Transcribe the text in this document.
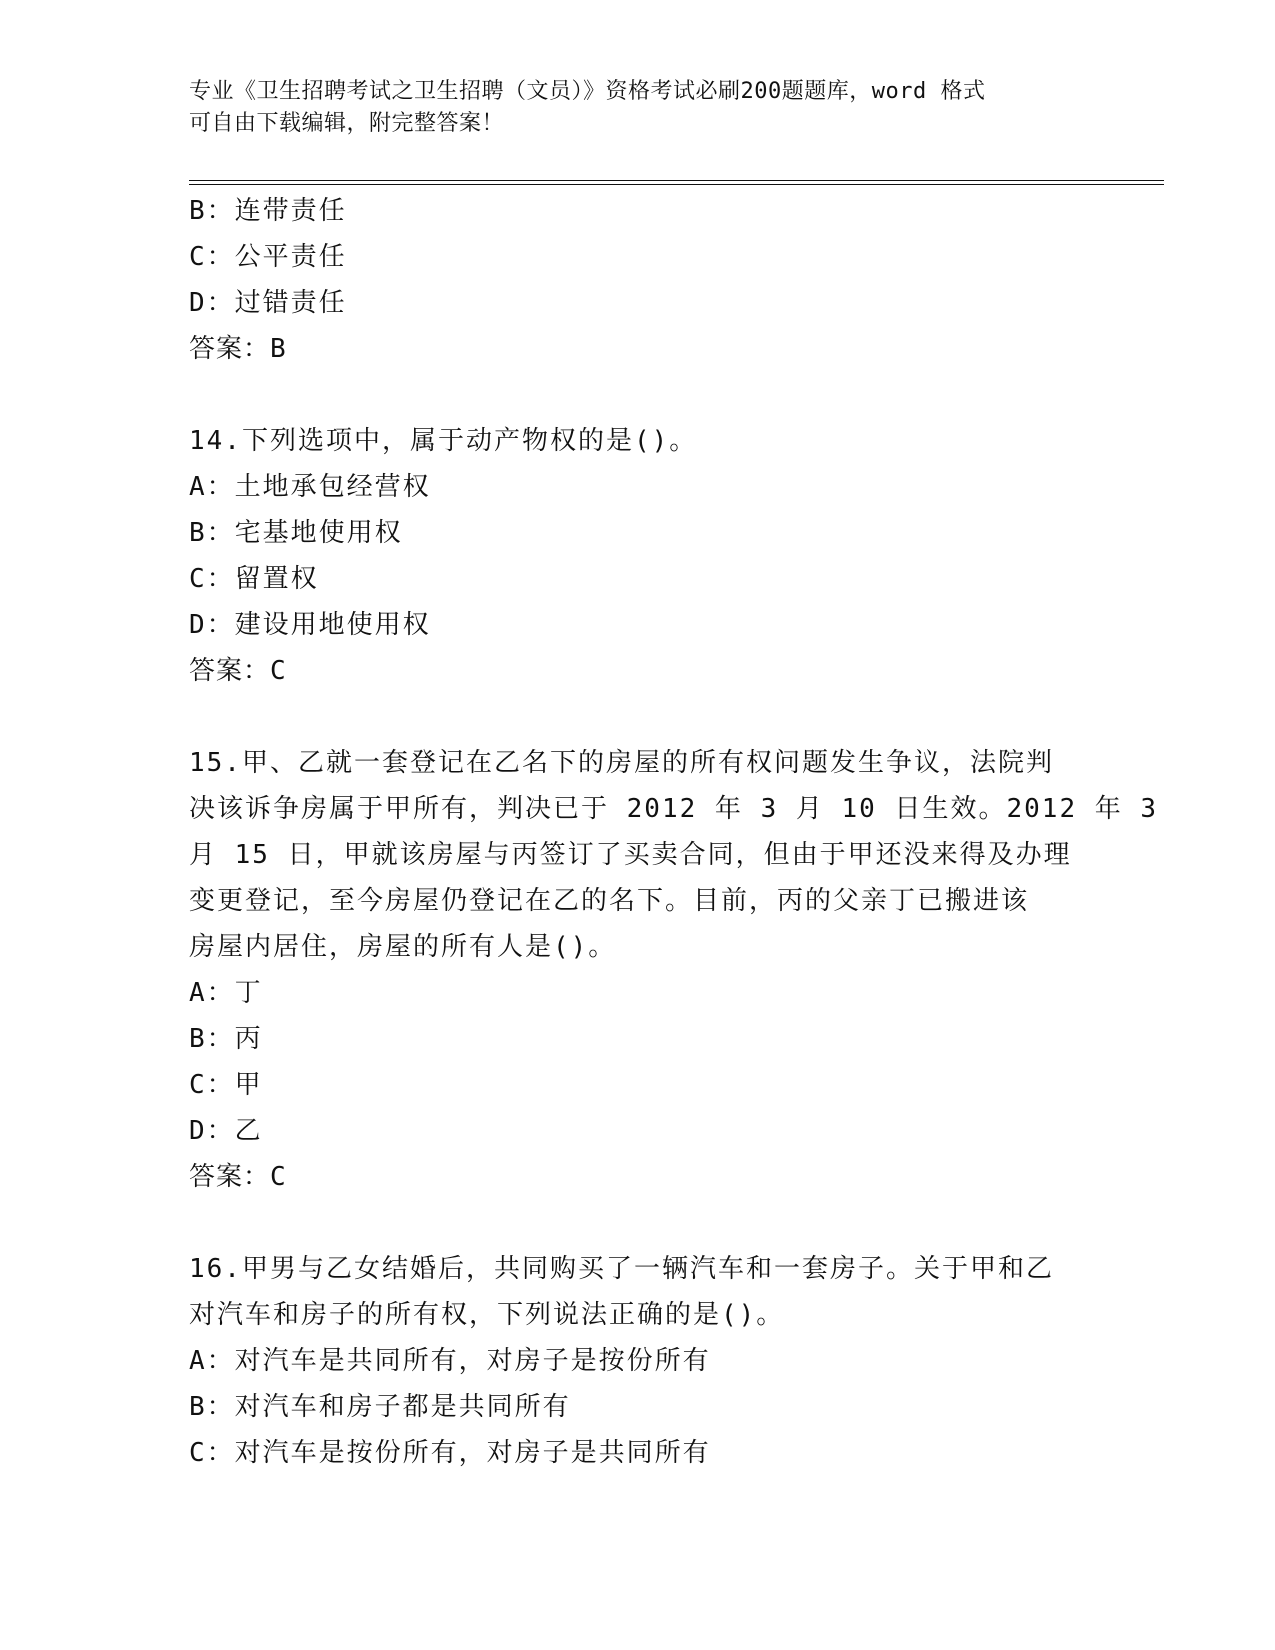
专业《卫生招聘考试之卫生招聘（文员）》资格考试必刷200题题库，word 格式
可自由下载编辑，附完整答案！
B：连带责任
C：公平责任
D：过错责任
答案：B
14.下列选项中，属于动产物权的是()。
A：土地承包经营权
B：宅基地使用权
C：留置权
D：建设用地使用权
答案：C
15.甲、乙就一套登记在乙名下的房屋的所有权问题发生争议，法院判
决该诉争房属于甲所有，判决已于 2012 年 3 月 10 日生效。2012 年 3
月 15 日，甲就该房屋与丙签订了买卖合同，但由于甲还没来得及办理
变更登记，至今房屋仍登记在乙的名下。目前，丙的父亲丁已搬进该
房屋内居住，房屋的所有人是()。
A：丁
B：丙
C：甲
D：乙
答案：C
16.甲男与乙女结婚后，共同购买了一辆汽车和一套房子。关于甲和乙
对汽车和房子的所有权，下列说法正确的是()。
A：对汽车是共同所有，对房子是按份所有
B：对汽车和房子都是共同所有
C：对汽车是按份所有，对房子是共同所有
